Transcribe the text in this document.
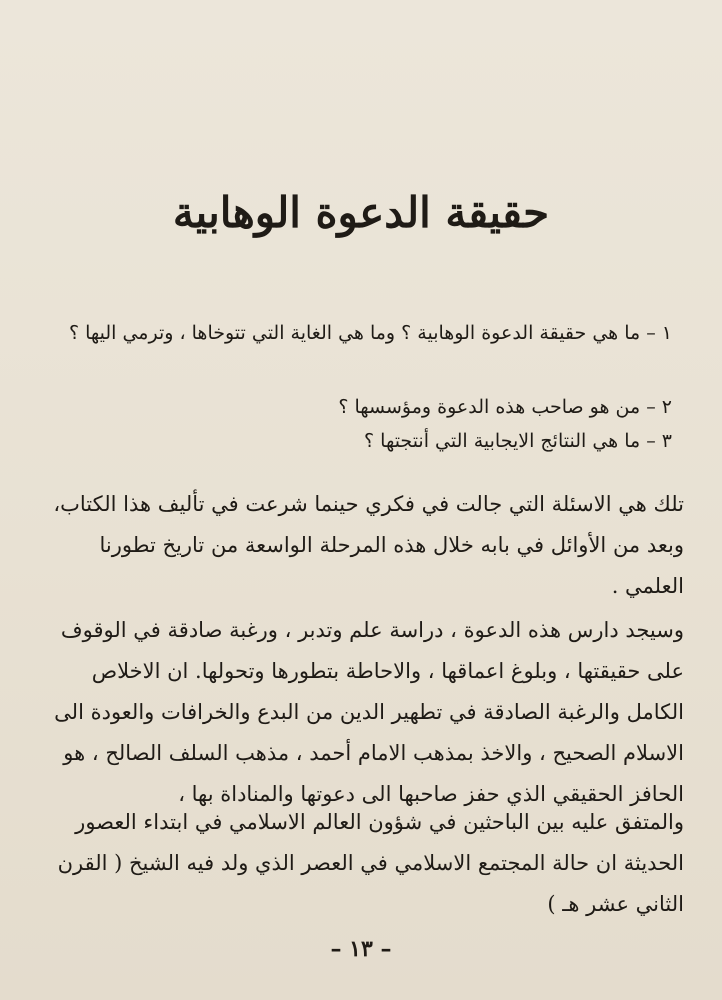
⁠ ⁠ ⁠ ⁠ ⁠ ⁠ ⁠ ⁠ ⁠ ⁠ ⁠ ⁠ ⁠ ⁠ ⁠ ⁠ ⁠ ⁠ ⁠ ⁠ ⁠ ⁠ ⁠ ⁠ ⁠ ⁠ ⁠ ⁠ ⁠ ⁠ ⁠ ⁠ ⁠ ⁠ ⁠
حقيقة الدعوة الوهابية
١ – ما هي حقيقة الدعوة الوهابية ؟ وما هي الغاية التي تتوخاها ، وترمي اليها ؟
٢ – من هو صاحب هذه الدعوة ومؤسسها ؟
٣ – ما هي النتائج الايجابية التي أنتجتها ؟
تلك هي الاسئلة التي جالت في فكري حينما شرعت في تأليف هذا الكتاب، وبعد من الأوائل في بابه خلال هذه المرحلة الواسعة من تاريخ تطورنا العلمي .
وسيجد دارس هذه الدعوة ، دراسة علم وتدبر ، ورغبة صادقة في الوقوف على حقيقتها ، وبلوغ اعماقها ، والاحاطة بتطورها وتحولها. ان الاخلاص الكامل والرغبة الصادقة في تطهير الدين من البدع والخرافات والعودة الى الاسلام الصحيح ، والاخذ بمذهب الامام أحمد ، مذهب السلف الصالح ، هو الحافز الحقيقي الذي حفز صاحبها الى دعوتها والمناداة بها ،
والمتفق عليه بين الباحثين في شؤون العالم الاسلامي في ابتداء العصور الحديثة ان حالة المجتمع الاسلامي في العصر الذي ولد فيه الشيخ ( القرن الثاني عشر هـ )
– ١٣ –
